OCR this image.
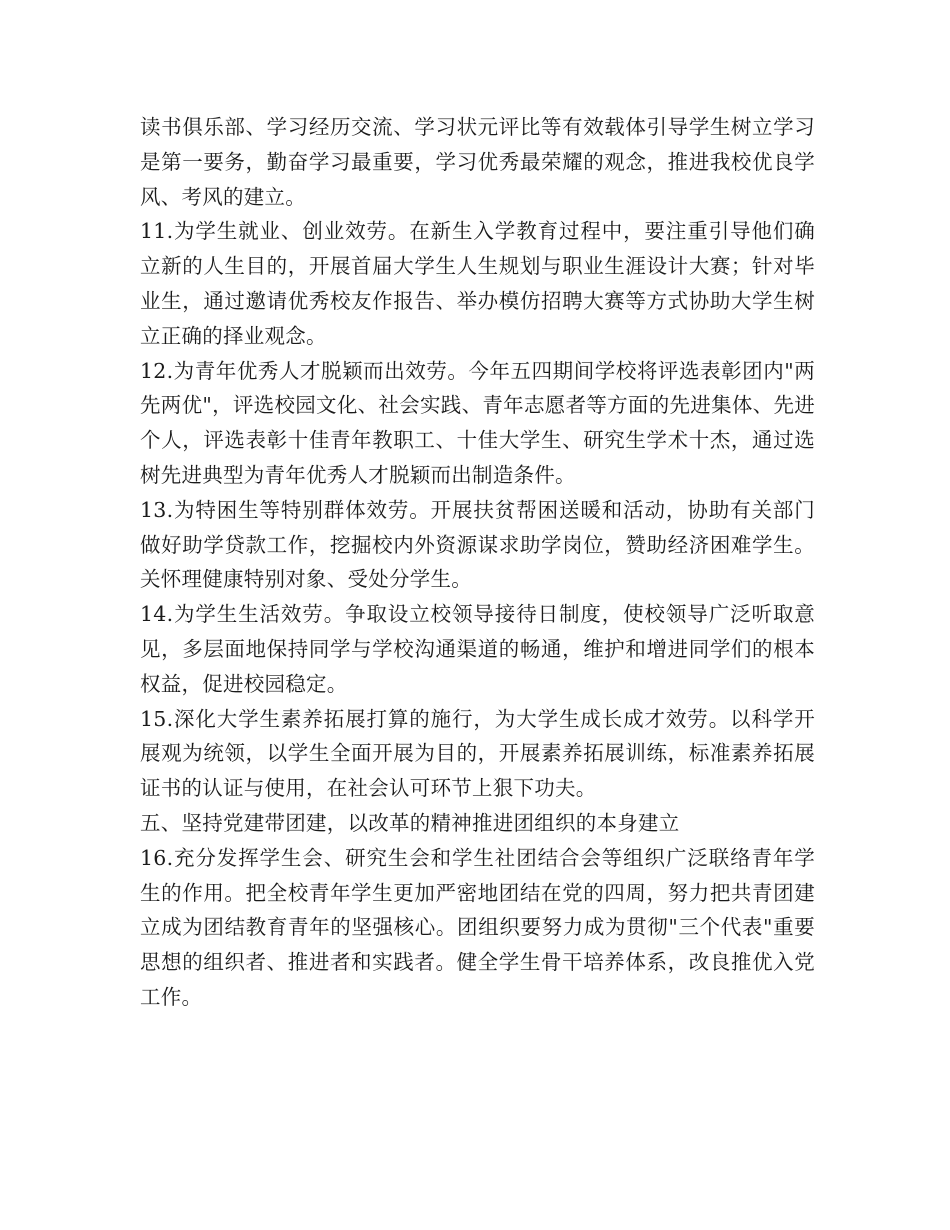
读书俱乐部、学习经历交流、学习状元评比等有效载体引导学生树立学习是第一要务，勤奋学习最重要，学习优秀最荣耀的观念，推进我校优良学风、考风的建立。

11.为学生就业、创业效劳。在新生入学教育过程中，要注重引导他们确立新的人生目的，开展首届大学生人生规划与职业生涯设计大赛；针对毕业生，通过邀请优秀校友作报告、举办模仿招聘大赛等方式协助大学生树立正确的择业观念。

12.为青年优秀人才脱颖而出效劳。今年五四期间学校将评选表彰团内"两先两优"，评选校园文化、社会实践、青年志愿者等方面的先进集体、先进个人，评选表彰十佳青年教职工、十佳大学生、研究生学术十杰，通过选树先进典型为青年优秀人才脱颖而出制造条件。

13.为特困生等特别群体效劳。开展扶贫帮困送暖和活动，协助有关部门做好助学贷款工作，挖掘校内外资源谋求助学岗位，赞助经济困难学生。关怀理健康特别对象、受处分学生。

14.为学生生活效劳。争取设立校领导接待日制度，使校领导广泛听取意见，多层面地保持同学与学校沟通渠道的畅通，维护和增进同学们的根本权益，促进校园稳定。

15.深化大学生素养拓展打算的施行，为大学生成长成才效劳。以科学开展观为统领，以学生全面开展为目的，开展素养拓展训练，标准素养拓展证书的认证与使用，在社会认可环节上狠下功夫。

五、坚持党建带团建，以改革的精神推进团组织的本身建立

16.充分发挥学生会、研究生会和学生社团结合会等组织广泛联络青年学生的作用。把全校青年学生更加严密地团结在党的四周，努力把共青团建立成为团结教育青年的坚强核心。团组织要努力成为贯彻"三个代表"重要思想的组织者、推进者和实践者。健全学生骨干培养体系，改良推优入党工作。
